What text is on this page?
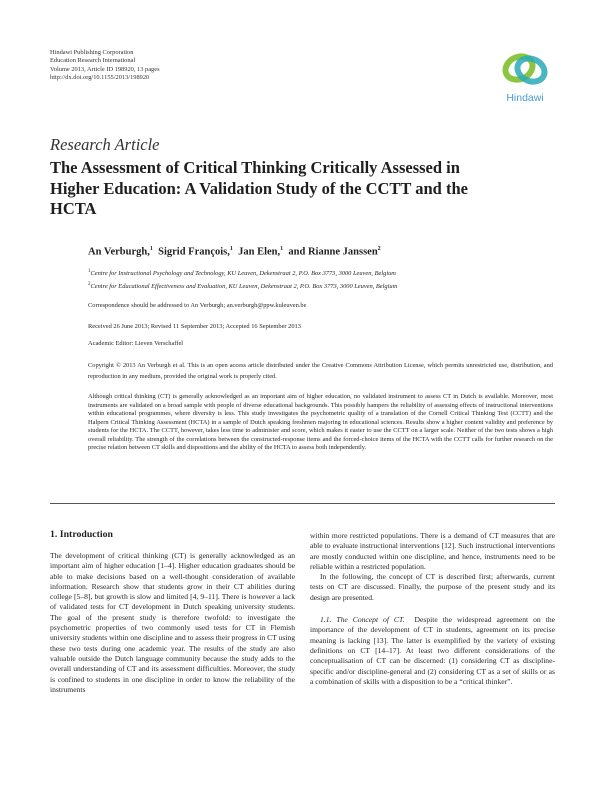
Hindawi Publishing Corporation
Education Research International
Volume 2013, Article ID 198920, 13 pages
http://dx.doi.org/10.1155/2013/198920
Hindawi
Research Article
The Assessment of Critical Thinking Critically Assessed in Higher Education: A Validation Study of the CCTT and the HCTA
An Verburgh,$^1$ Sigrid François,$^1$ Jan Elen,$^1$ and Rianne Janssen$^2$
$^1$Centre for Instructional Psychology and Technology, KU Leuven, Dekenstraat 2, P.O. Box 3773, 3000 Leuven, Belgium
$^2$Centre for Educational Effectiveness and Evaluation, KU Leuven, Dekenstraat 2, P.O. Box 3773, 3000 Leuven, Belgium
Correspondence should be addressed to An Verburgh; an.verburgh@ppw.kuleuven.be
Received 26 June 2013; Revised 11 September 2013; Accepted 16 September 2013
Academic Editor: Lieven Verschaffel
Copyright © 2013 An Verburgh et al. This is an open access article distributed under the Creative Commons Attribution License, which permits unrestricted use, distribution, and reproduction in any medium, provided the original work is properly cited.
Although critical thinking (CT) is generally acknowledged as an important aim of higher education, no validated instrument to assess CT in Dutch is available. Moreover, most instruments are validated on a broad sample with people of diverse educational backgrounds. This possibly hampers the reliability of assessing effects of instructional interventions within educational programmes, where diversity is less. This study investigates the psychometric quality of a translation of the Cornell Critical Thinking Test (CCTT) and the Halpern Critical Thinking Assessment (HCTA) in a sample of Dutch speaking freshmen majoring in educational sciences. Results show a higher content validity and preference by students for the HCTA. The CCTT, however, takes less time to administer and score, which makes it easier to use the CCTT on a larger scale. Neither of the two tests shows a high overall reliability. The strength of the correlations between the constructed-response items and the forced-choice items of the HCTA with the CCTT calls for further research on the precise relation between CT skills and dispositions and the ability of the HCTA to assess both independently.
1. Introduction

The development of critical thinking (CT) is generally acknowledged as an important aim of higher education [1–4]. Higher education graduates should be able to make decisions based on a well-thought consideration of available information. Research show that students grow in their CT abilities during college [5–8], but growth is slow and limited [4, 9–11]. There is however a lack of validated tests for CT development in Dutch speaking university students. The goal of the present study is therefore twofold: to investigate the psychometric properties of two commonly used tests for CT in Flemish university students within one discipline and to assess their progress in CT using these two tests during one academic year. The results of the study are also valuable outside the Dutch language community because the study adds to the overall understanding of CT and its assessment difficulties. Moreover, the study is confined to students in one discipline in order to know the reliability of the instruments

within more restricted populations. There is a demand of CT measures that are able to evaluate instructional interventions [12]. Such instructional interventions are mostly conducted within one discipline, and hence, instruments need to be reliable within a restricted population.

In the following, the concept of CT is described first; afterwards, current tests on CT are discussed. Finally, the purpose of the present study and its design are presented.

1.1. The Concept of CT. Despite the widespread agreement on the importance of the development of CT in students, agreement on its precise meaning is lacking [13]. The latter is exemplified by the variety of existing definitions on CT [14–17]. At least two different considerations of the conceptualisation of CT can be discerned: (1) considering CT as discipline-specific and/or discipline-general and (2) considering CT as a set of skills or as a combination of skills with a disposition to be a “critical thinker”.
